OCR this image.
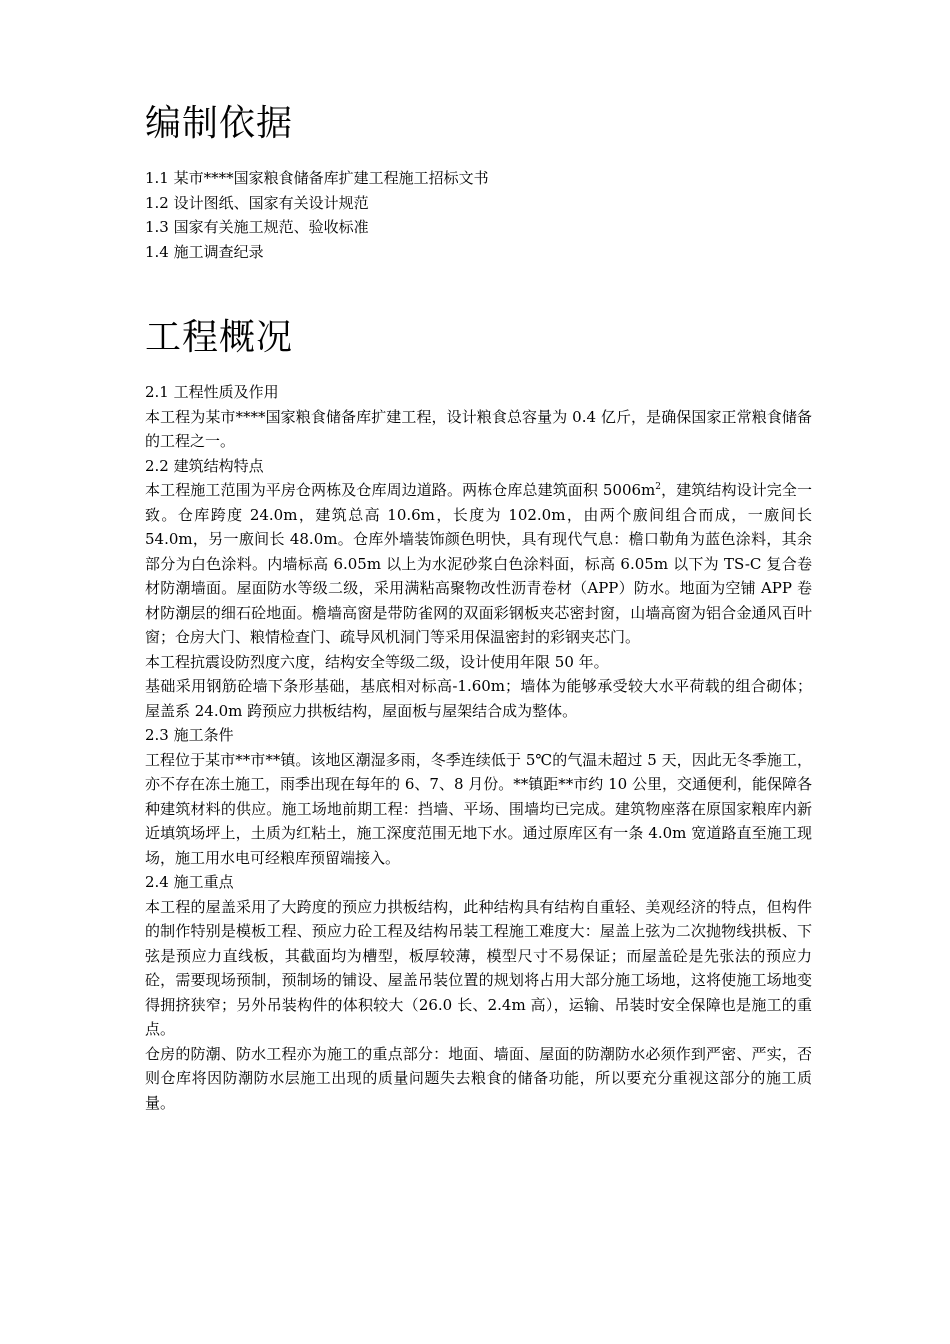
编制依据

1.1 某市****国家粮食储备库扩建工程施工招标文书

1.2 设计图纸、国家有关设计规范

1.3 国家有关施工规范、验收标准

1.4 施工调查纪录

工程概况

2.1 工程性质及作用

本工程为某市****国家粮食储备库扩建工程，设计粮食总容量为 0.4 亿斤，是确保国家正常粮食储备的工程之一。

2.2 建筑结构特点

本工程施工范围为平房仓两栋及仓库周边道路。两栋仓库总建筑面积 $5006m^2$，建筑结构设计完全一致。仓库跨度 24.0m，建筑总高 10.6m，长度为 102.0m，由两个廒间组合而成，一廒间长 54.0m，另一廒间长 48.0m。仓库外墙装饰颜色明快，具有现代气息：檐口勒角为蓝色涂料，其余部分为白色涂料。内墙标高 6.05m 以上为水泥砂浆白色涂料面，标高 6.05m 以下为 TS-C 复合卷材防潮墙面。屋面防水等级二级，采用满粘高聚物改性沥青卷材（APP）防水。地面为空铺 APP 卷材防潮层的细石砼地面。檐墙高窗是带防雀网的双面彩钢板夹芯密封窗，山墙高窗为铝合金通风百叶窗；仓房大门、粮情检查门、疏导风机洞门等采用保温密封的彩钢夹芯门。

本工程抗震设防烈度六度，结构安全等级二级，设计使用年限 50 年。

基础采用钢筋砼墙下条形基础，基底相对标高-1.60m；墙体为能够承受较大水平荷载的组合砌体；屋盖系 24.0m 跨预应力拱板结构，屋面板与屋架结合成为整体。

2.3 施工条件

工程位于某市**市**镇。该地区潮湿多雨，冬季连续低于 5℃的气温未超过 5 天，因此无冬季施工，亦不存在冻土施工，雨季出现在每年的 6、7、8 月份。**镇距**市约 10 公里，交通便利，能保障各种建筑材料的供应。施工场地前期工程：挡墙、平场、围墙均已完成。建筑物座落在原国家粮库内新近填筑场坪上，土质为红粘土，施工深度范围无地下水。通过原库区有一条 4.0m 宽道路直至施工现场，施工用水电可经粮库预留端接入。

2.4 施工重点

本工程的屋盖采用了大跨度的预应力拱板结构，此种结构具有结构自重轻、美观经济的特点，但构件的制作特别是模板工程、预应力砼工程及结构吊装工程施工难度大：屋盖上弦为二次抛物线拱板、下弦是预应力直线板，其截面均为槽型，板厚较薄，模型尺寸不易保证；而屋盖砼是先张法的预应力砼，需要现场预制，预制场的铺设、屋盖吊装位置的规划将占用大部分施工场地，这将使施工场地变得拥挤狭窄；另外吊装构件的体积较大（26.0 长、2.4m 高），运输、吊装时安全保障也是施工的重点。

仓房的防潮、防水工程亦为施工的重点部分：地面、墙面、屋面的防潮防水必须作到严密、严实，否则仓库将因防潮防水层施工出现的质量问题失去粮食的储备功能，所以要充分重视这部分的施工质量。
